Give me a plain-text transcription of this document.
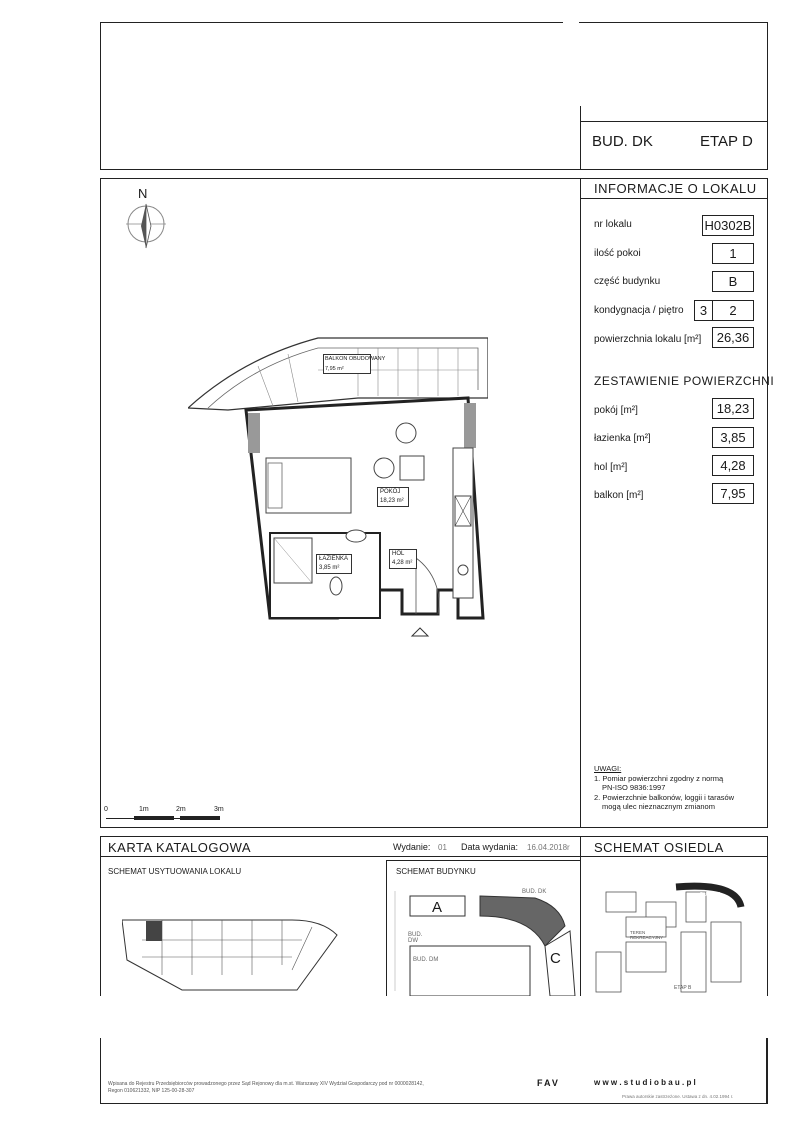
BUD. DK	ETAP D
N
BALKON OBUDOWANY
7,95 m²
POKÓJ
18,23 m²
ŁAZIENKA
3,85 m²
HOL
4,28 m²
0	1m	2m	3m
INFORMACJE O LOKALU
nr lokalu	H0302B
ilość pokoi	1
część budynku	B
kondygnacja / piętro	3	2
powierzchnia lokalu [m²]	26,36
ZESTAWIENIE POWIERZCHNI
pokój [m²]	18,23
łazienka [m²]	3,85
hol [m²]	4,28
balkon [m²]	7,95
UWAGI:
1. Pomiar powierzchni zgodny z normą
PN-ISO 9836:1997
2. Powierzchnie balkonów, loggii i tarasów
mogą ulec nieznacznym zmianom
KARTA KATALOGOWA	Wydanie: 01 Data wydania: 16.04.2018r SCHEMAT OSIEDLA
SCHEMAT USYTUOWANIA LOKALU	SCHEMAT BUDYNKU
A
C
BUD. DK
BUD. DW
BUD. DM
BUD. DK
TEREN REKREACYJNY
ETAP B
Wpisana do Rejestru Przedsiębiorców prowadzonego przez Sąd Rejonowy dla m.st. Warszawy XIV Wydział Gospodarczy pod nr 0000028142,
Regon 010621332, NIP 125-00-28-307
FAV	w w w . s t u d i o b a u . p l
Prawa autorskie zastrzeżone. Ustawa z dn. 4.02.1994 r.
